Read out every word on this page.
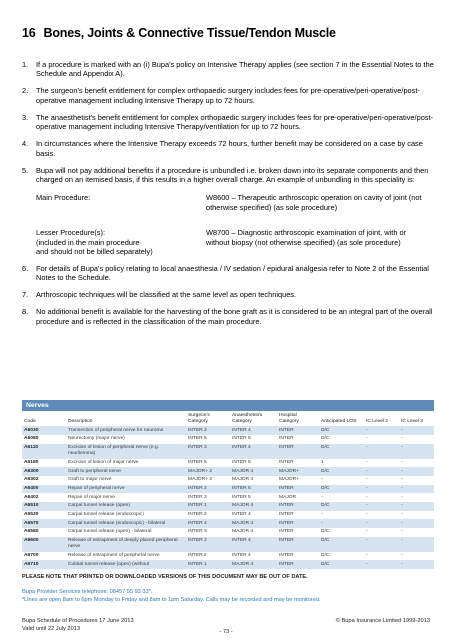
16 Bones, Joints & Connective Tissue/Tendon Muscle
1. If a procedure is marked with an (i) Bupa's policy on Intensive Therapy applies (see section 7 in the Essential Notes to the Schedule and Appendix A).
2. The surgeon's benefit entitlement for complex orthopaedic surgery includes fees for pre-operative/peri-operative/post-operative management including Intensive Therapy up to 72 hours.
3. The anaesthetist's benefit entitlement for complex orthopaedic surgery includes fees for pre-operative/peri-operative/post-operative management including Intensive Therapy/ventilation for up to 72 hours.
4. In circumstances where the Intensive Therapy exceeds 72 hours, further benefit may be considered on a case by case basis.
5. Bupa will not pay additional benefits if a procedure is unbundled i.e. broken down into its separate components and then charged on an itemised basis, if this results in a higher overall charge. An example of unbundling in this speciality is:
Main Procedure:	W8600 – Therapeutic arthroscopic operation on cavity of joint (not otherwise specified) (as sole procedure)
Lesser Procedure(s):
(included in the main procedure
and should not be billed separately)
W8700 – Diagnostic arthroscopic examination of joint, with or without biopsy (not otherwise specified) (as sole procedure)
6. For details of Bupa's policy relating to local anaesthesia / IV sedation / epidural analgesia refer to Note 2 of the Essential Notes to the Schedule.
7. Arthroscopic techniques will be classified at the same level as open techniques.
8. No additional benefit is available for the harvesting of the bone graft as it is considered to be an integral part of the overall procedure and is reflected in the classification of the main procedure.
Nerves
Code	Description	Surgeon's Category	Anaesthetist's Category	Hospital Category	Anticipated LOS	IC Level 2	IC Level 3
A6030	Transection of peripheral nerve for neuroma	INTER 2	INTER 4	INTER	D/C	-	-
A6080	Neurectomy (major nerve)	INTER 5	INTER 5	INTER	D/C	-	-
A6110	Excision of lesion of peripheral nerve (e.g. neurilemma)	INTER 3	INTER 4	INTER	D/C	-	-
A6180	Excision of lesion of major nerve	INTER 5	INTER 5	INTER	1	-	-
A6300	Graft to peripheral nerve	MAJOR+ 2	MAJOR 4	MAJOR+	D/C	-	-
A6302	Graft to major nerve	MAJOR+ 2	MAJOR 4	MAJOR+	-	-	-
A6400	Repair of peripheral nerve	INTER 2	INTER 5	INTER	D/C	-	-
A6402	Repair of major nerve	INTER 3	INTER 5	MAJOR	-	-	-
A6510	Carpal tunnel release (open)	INTER 1	MAJOR 4	INTER	D/C	-	-
A6530	Carpal tunnel release (endoscopic)	INTER 2	INTER 4	INTER	-	-	-
A6570	Carpal tunnel release (endoscopic) - bilateral	INTER 4	MAJOR 4	INTER	-	-	-
A6580	Carpal tunnel release (open) - bilateral	INTER 3	MAJOR 4	INTER	D/C	-	-
A6600	Release of entrapment of deeply placed peripheral nerve	INTER 2	INTER 4	INTER	D/C	-	-
A6700	Release of entrapment of peripheral nerve	INTER 2	INTER 4	INTER	D/C	-	-
A6710	Cubital tunnel release (open) (without	INTER 1	MAJOR 4	INTER	D/C	-	-
PLEASE NOTE THAT PRINTED OR DOWNLOADED VERSIONS OF THIS DOCUMENT MAY BE OUT OF DATE.
Bupa Provider Services telephone: 08457 55 93 33*.
*Lines are open 8am to 6pm Monday to Friday and 8am to 1pm Saturday. Calls may be recorded and may be monitored.
Bupa Schedule of Procedures 17 June 2013
Valid until 22 July 2013
© Bupa Insurance Limited 1999-2013
- 73 -
